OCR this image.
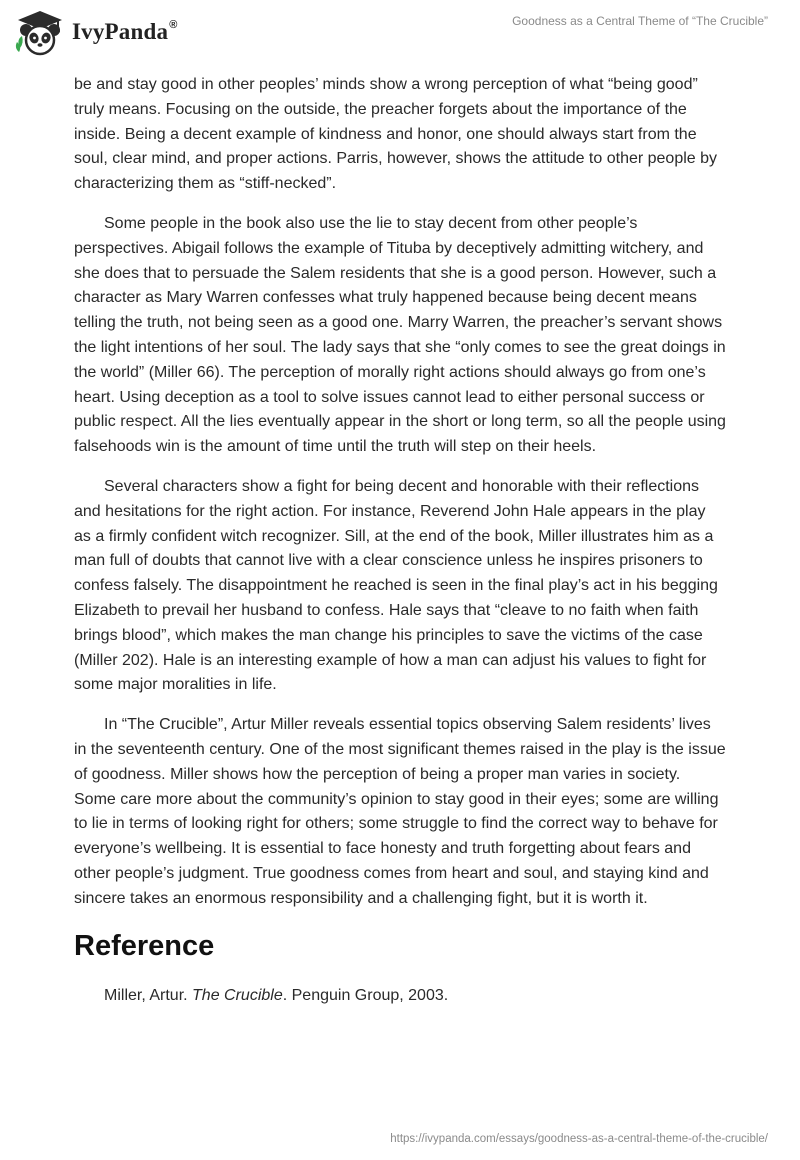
IvyPanda®	Goodness as a Central Theme of “The Crucible”

be and stay good in other peoples’ minds show a wrong perception of what “being good” truly means. Focusing on the outside, the preacher forgets about the importance of the inside. Being a decent example of kindness and honor, one should always start from the soul, clear mind, and proper actions. Parris, however, shows the attitude to other people by characterizing them as “stiff-necked”.

Some people in the book also use the lie to stay decent from other people’s perspectives. Abigail follows the example of Tituba by deceptively admitting witchery, and she does that to persuade the Salem residents that she is a good person. However, such a character as Mary Warren confesses what truly happened because being decent means telling the truth, not being seen as a good one. Marry Warren, the preacher’s servant shows the light intentions of her soul. The lady says that she “only comes to see the great doings in the world” (Miller 66). The perception of morally right actions should always go from one’s heart. Using deception as a tool to solve issues cannot lead to either personal success or public respect. All the lies eventually appear in the short or long term, so all the people using falsehoods win is the amount of time until the truth will step on their heels.

Several characters show a fight for being decent and honorable with their reflections and hesitations for the right action. For instance, Reverend John Hale appears in the play as a firmly confident witch recognizer. Sill, at the end of the book, Miller illustrates him as a man full of doubts that cannot live with a clear conscience unless he inspires prisoners to confess falsely. The disappointment he reached is seen in the final play’s act in his begging Elizabeth to prevail her husband to confess. Hale says that “cleave to no faith when faith brings blood”, which makes the man change his principles to save the victims of the case (Miller 202). Hale is an interesting example of how a man can adjust his values to fight for some major moralities in life.

In “The Crucible”, Artur Miller reveals essential topics observing Salem residents’ lives in the seventeenth century. One of the most significant themes raised in the play is the issue of goodness. Miller shows how the perception of being a proper man varies in society. Some care more about the community’s opinion to stay good in their eyes; some are willing to lie in terms of looking right for others; some struggle to find the correct way to behave for everyone’s wellbeing. It is essential to face honesty and truth forgetting about fears and other people’s judgment. True goodness comes from heart and soul, and staying kind and sincere takes an enormous responsibility and a challenging fight, but it is worth it.

Reference
Miller, Artur. The Crucible. Penguin Group, 2003.
https://ivypanda.com/essays/goodness-as-a-central-theme-of-the-crucible/
